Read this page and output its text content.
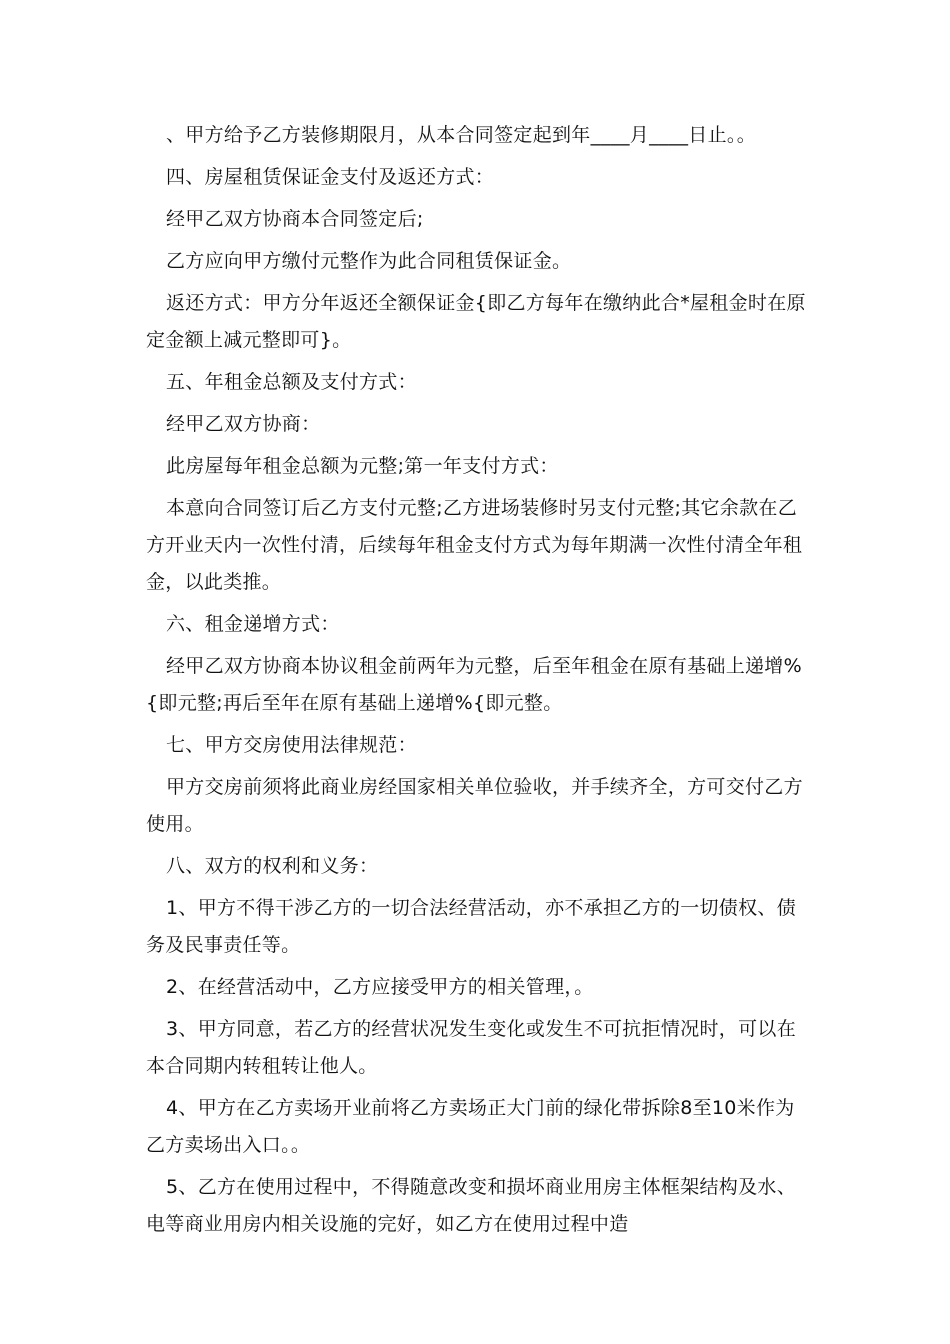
、甲方给予乙方装修期限月，从本合同签定起到年____月____日止。。

四、房屋租赁保证金支付及返还方式：

经甲乙双方协商本合同签定后;

乙方应向甲方缴付元整作为此合同租赁保证金。

返还方式：甲方分年返还全额保证金{即乙方每年在缴纳此合*屋租金时在原定金额上减元整即可}。

五、年租金总额及支付方式：

经甲乙双方协商：

此房屋每年租金总额为元整;第一年支付方式：

本意向合同签订后乙方支付元整;乙方进场装修时另支付元整;其它余款在乙方开业天内一次性付清，后续每年租金支付方式为每年期满一次性付清全年租金，以此类推。

六、租金递增方式：

经甲乙双方协商本协议租金前两年为元整，后至年租金在原有基础上递增%{即元整;再后至年在原有基础上递增%{即元整。

七、甲方交房使用法律规范：

甲方交房前须将此商业房经国家相关单位验收，并手续齐全，方可交付乙方使用。

八、双方的权利和义务：

1、甲方不得干涉乙方的一切合法经营活动，亦不承担乙方的一切债权、债务及民事责任等。

2、在经营活动中，乙方应接受甲方的相关管理，。

3、甲方同意，若乙方的经营状况发生变化或发生不可抗拒情况时，可以在本合同期内转租转让他人。

4、甲方在乙方卖场开业前将乙方卖场正大门前的绿化带拆除8至10米作为乙方卖场出入口。。

5、乙方在使用过程中，不得随意改变和损坏商业用房主体框架结构及水、电等商业用房内相关设施的完好，如乙方在使用过程中造
